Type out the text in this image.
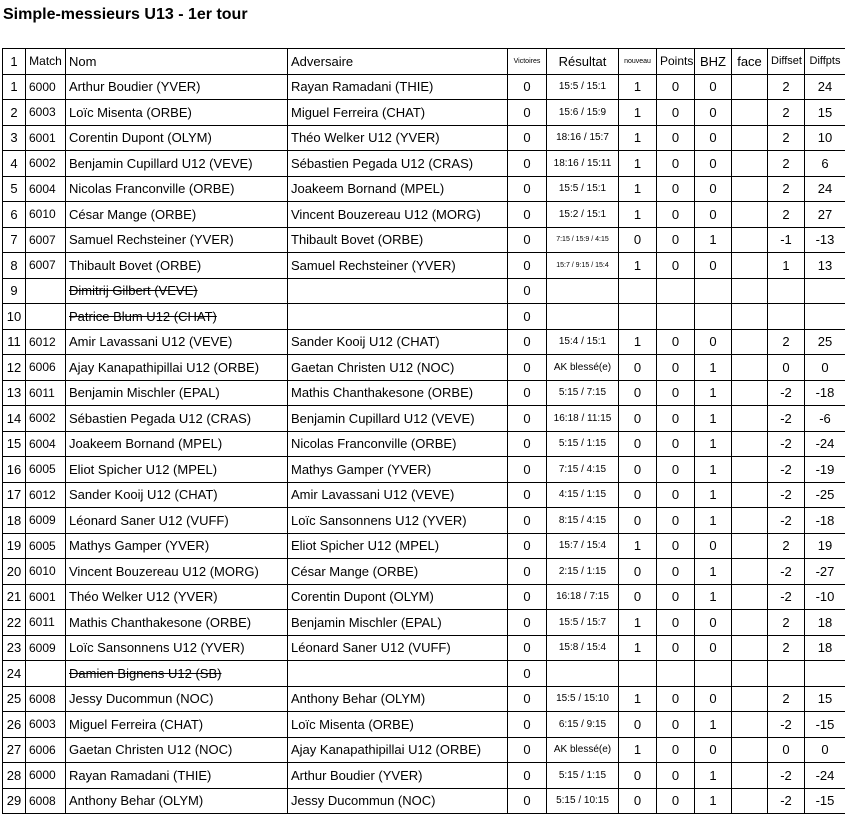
Simple-messieurs U13 - 1er tour
1	Match	Nom	Adversaire	Victoires	Résultat	nouveau	Points	BHZ	face	Diffset	Diffpts
1	6000	Arthur Boudier (YVER)	Rayan Ramadani (THIE)	0	15:5 / 15:1	1	0	0		2	24
2	6003	Loïc Misenta (ORBE)	Miguel Ferreira (CHAT)	0	15:6 / 15:9	1	0	0		2	15
3	6001	Corentin Dupont (OLYM)	Théo Welker U12 (YVER)	0	18:16 / 15:7	1	0	0		2	10
4	6002	Benjamin Cupillard U12 (VEVE)	Sébastien Pegada U12 (CRAS)	0	18:16 / 15:11	1	0	0		2	6
5	6004	Nicolas Franconville (ORBE)	Joakeem Bornand (MPEL)	0	15:5 / 15:1	1	0	0		2	24
6	6010	César Mange (ORBE)	Vincent Bouzereau U12 (MORG)	0	15:2 / 15:1	1	0	0		2	27
7	6007	Samuel Rechsteiner (YVER)	Thibault Bovet (ORBE)	0	7:15 / 15:9 / 4:15	0	0	1		-1	-13
8	6007	Thibault Bovet (ORBE)	Samuel Rechsteiner (YVER)	0	15:7 / 9:15 / 15:4	1	0	0		1	13
9		Dimitrij Gilbert (VEVE)		0							
10		Patrice Blum U12 (CHAT)		0							
11	6012	Amir Lavassani U12 (VEVE)	Sander Kooij U12 (CHAT)	0	15:4 / 15:1	1	0	0		2	25
12	6006	Ajay Kanapathipillai U12 (ORBE)	Gaetan Christen U12 (NOC)	0	AK blessé(e)	0	0	1		0	0
13	6011	Benjamin Mischler (EPAL)	Mathis Chanthakesone (ORBE)	0	5:15 / 7:15	0	0	1		-2	-18
14	6002	Sébastien Pegada U12 (CRAS)	Benjamin Cupillard U12 (VEVE)	0	16:18 / 11:15	0	0	1		-2	-6
15	6004	Joakeem Bornand (MPEL)	Nicolas Franconville (ORBE)	0	5:15 / 1:15	0	0	1		-2	-24
16	6005	Eliot Spicher U12 (MPEL)	Mathys Gamper (YVER)	0	7:15 / 4:15	0	0	1		-2	-19
17	6012	Sander Kooij U12 (CHAT)	Amir Lavassani U12 (VEVE)	0	4:15 / 1:15	0	0	1		-2	-25
18	6009	Léonard Saner U12 (VUFF)	Loïc Sansonnens U12 (YVER)	0	8:15 / 4:15	0	0	1		-2	-18
19	6005	Mathys Gamper (YVER)	Eliot Spicher U12 (MPEL)	0	15:7 / 15:4	1	0	0		2	19
20	6010	Vincent Bouzereau U12 (MORG)	César Mange (ORBE)	0	2:15 / 1:15	0	0	1		-2	-27
21	6001	Théo Welker U12 (YVER)	Corentin Dupont (OLYM)	0	16:18 / 7:15	0	0	1		-2	-10
22	6011	Mathis Chanthakesone (ORBE)	Benjamin Mischler (EPAL)	0	15:5 / 15:7	1	0	0		2	18
23	6009	Loïc Sansonnens U12 (YVER)	Léonard Saner U12 (VUFF)	0	15:8 / 15:4	1	0	0		2	18
24		Damien Bignens U12 (SB)		0							
25	6008	Jessy Ducommun (NOC)	Anthony Behar (OLYM)	0	15:5 / 15:10	1	0	0		2	15
26	6003	Miguel Ferreira (CHAT)	Loïc Misenta (ORBE)	0	6:15 / 9:15	0	0	1		-2	-15
27	6006	Gaetan Christen U12 (NOC)	Ajay Kanapathipillai U12 (ORBE)	0	AK blessé(e)	1	0	0		0	0
28	6000	Rayan Ramadani (THIE)	Arthur Boudier (YVER)	0	5:15 / 1:15	0	0	1		-2	-24
29	6008	Anthony Behar (OLYM)	Jessy Ducommun (NOC)	0	5:15 / 10:15	0	0	1		-2	-15
